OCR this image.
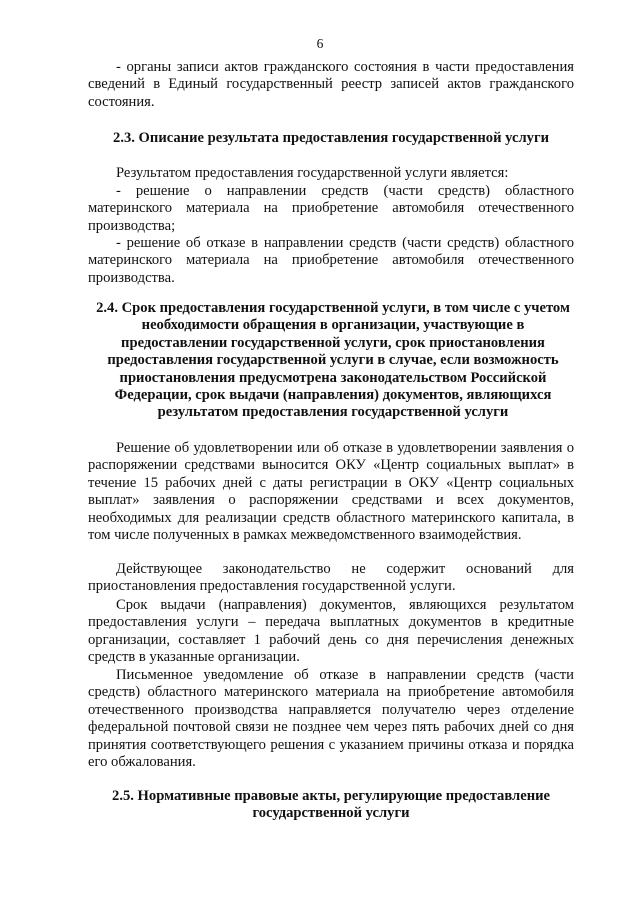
6
- органы записи актов гражданского состояния в части предоставления сведений в Единый государственный реестр записей актов гражданского состояния.
2.3. Описание результата предоставления государственной услуги
Результатом предоставления государственной услуги является:
- решение о направлении средств (части средств) областного материнского материала на приобретение автомобиля отечественного производства;
- решение об отказе в направлении средств (части средств) областного материнского материала на приобретение автомобиля отечественного производства.
2.4. Срок предоставления государственной услуги, в том числе с учетом необходимости обращения в организации, участвующие в предоставлении государственной услуги, срок приостановления предоставления государственной услуги в случае, если возможность приостановления предусмотрена законодательством Российской Федерации, срок выдачи (направления) документов, являющихся результатом предоставления государственной услуги
Решение об удовлетворении или об отказе в удовлетворении заявления о распоряжении средствами выносится ОКУ «Центр социальных выплат» в течение 15 рабочих дней с даты регистрации в ОКУ «Центр социальных выплат» заявления о распоряжении средствами и всех документов, необходимых для реализации средств областного материнского капитала, в том числе полученных в рамках межведомственного взаимодействия.
Действующее законодательство не содержит оснований для приостановления предоставления государственной услуги.
Срок выдачи (направления) документов, являющихся результатом предоставления услуги – передача выплатных документов в кредитные организации, составляет 1 рабочий день со дня перечисления денежных средств в указанные организации.
Письменное уведомление об отказе в направлении средств (части средств) областного материнского материала на приобретение автомобиля отечественного производства направляется получателю через отделение федеральной почтовой связи не позднее чем через пять рабочих дней со дня принятия соответствующего решения с указанием причины отказа и порядка его обжалования.
2.5. Нормативные правовые акты, регулирующие предоставление государственной услуги
